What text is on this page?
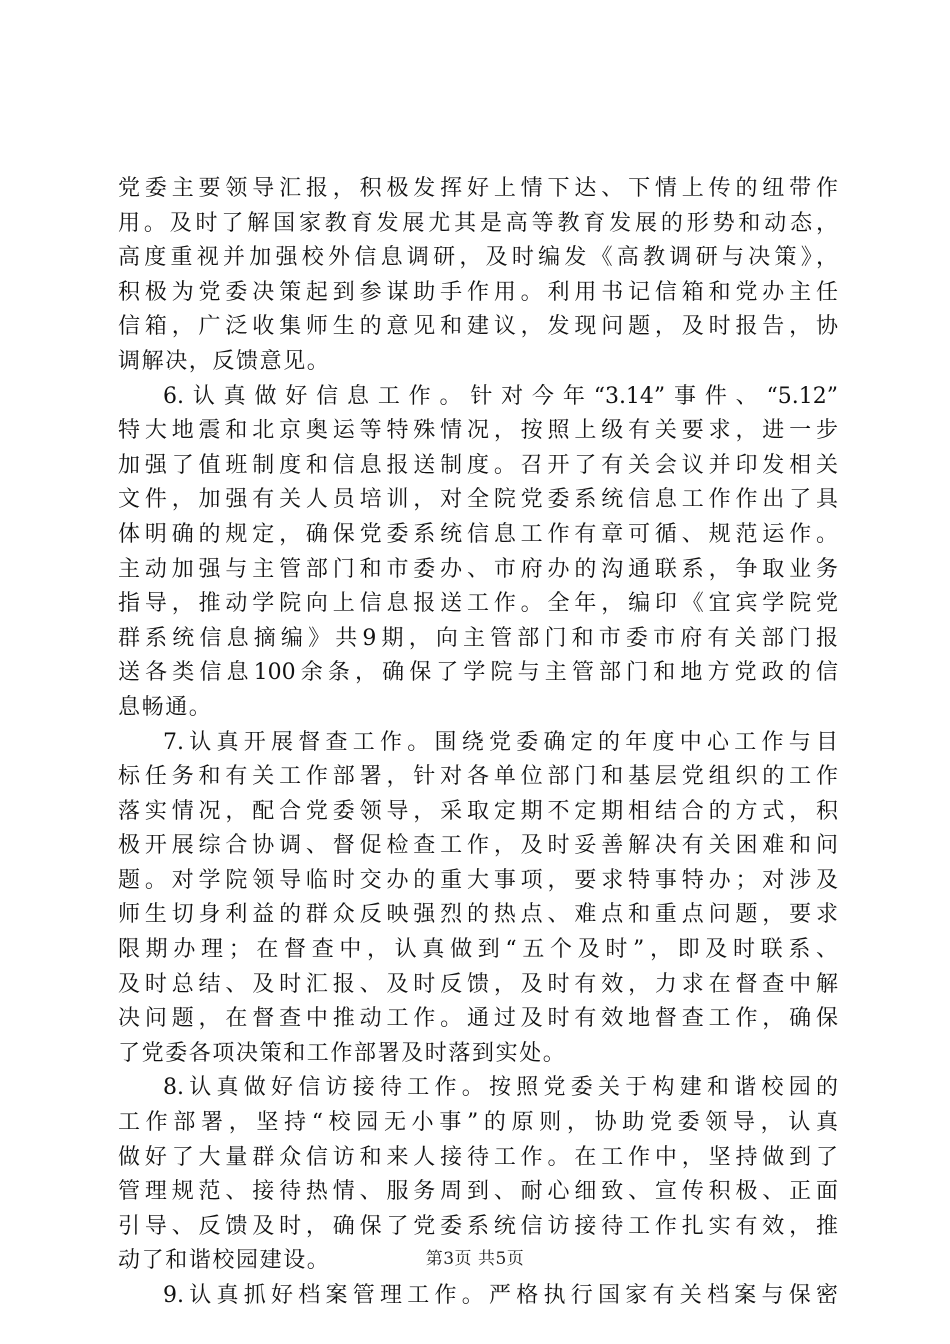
党委主要领导汇报，积极发挥好上情下达、下情上传的纽带作
用。及时了解国家教育发展尤其是高等教育发展的形势和动态，
高度重视并加强校外信息调研，及时编发《高教调研与决策》，
积极为党委决策起到参谋助手作用。利用书记信箱和党办主任
信箱，广泛收集师生的意见和建议，发现问题，及时报告，协
调解决，反馈意见。
6.认真做好信息工作。针对今年“3.14”事件、“5.12”
特大地震和北京奥运等特殊情况，按照上级有关要求，进一步
加强了值班制度和信息报送制度。召开了有关会议并印发相关
文件，加强有关人员培训，对全院党委系统信息工作作出了具
体明确的规定，确保党委系统信息工作有章可循、规范运作。
主动加强与主管部门和市委办、市府办的沟通联系，争取业务
指导，推动学院向上信息报送工作。全年，编印《宜宾学院党
群系统信息摘编》共9期，向主管部门和市委市府有关部门报
送各类信息100余条，确保了学院与主管部门和地方党政的信
息畅通。
7.认真开展督查工作。围绕党委确定的年度中心工作与目
标任务和有关工作部署，针对各单位部门和基层党组织的工作
落实情况，配合党委领导，采取定期不定期相结合的方式，积
极开展综合协调、督促检查工作，及时妥善解决有关困难和问
题。对学院领导临时交办的重大事项，要求特事特办；对涉及
师生切身利益的群众反映强烈的热点、难点和重点问题，要求
限期办理；在督查中，认真做到“五个及时”，即及时联系、
及时总结、及时汇报、及时反馈，及时有效，力求在督查中解
决问题，在督查中推动工作。通过及时有效地督查工作，确保
了党委各项决策和工作部署及时落到实处。
8.认真做好信访接待工作。按照党委关于构建和谐校园的
工作部署，坚持“校园无小事”的原则，协助党委领导，认真
做好了大量群众信访和来人接待工作。在工作中，坚持做到了
管理规范、接待热情、服务周到、耐心细致、宣传积极、正面
引导、反馈及时，确保了党委系统信访接待工作扎实有效，推
动了和谐校园建设。
9.认真抓好档案管理工作。严格执行国家有关档案与保密
第3页 共5页
